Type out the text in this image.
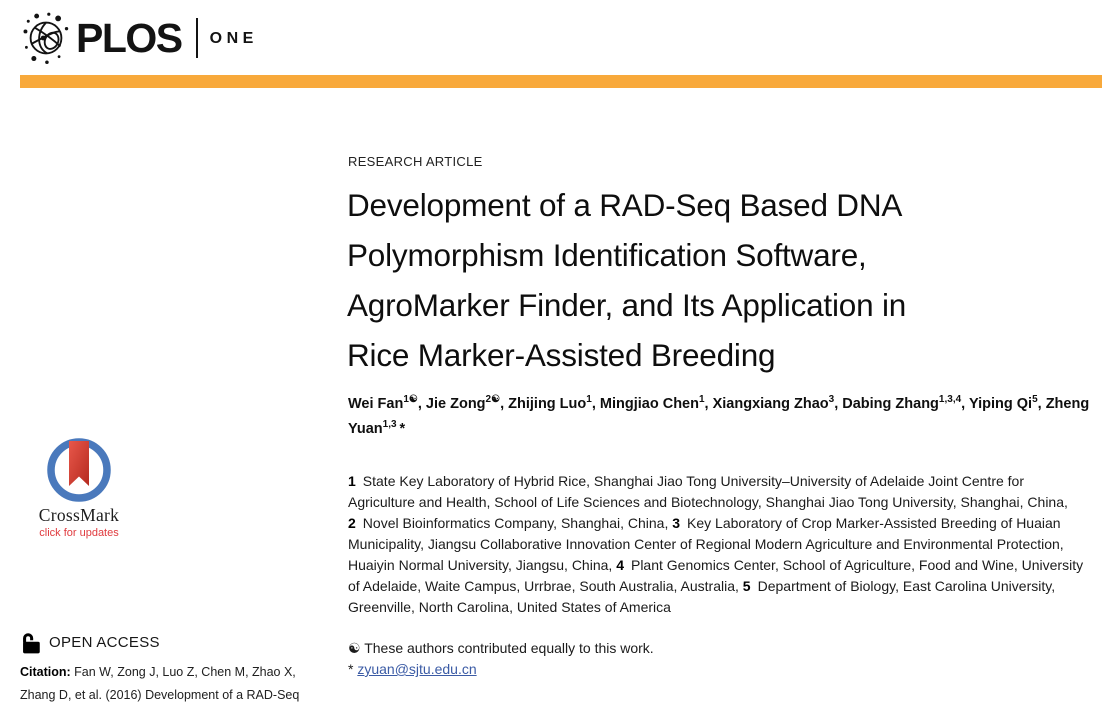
PLOS ONE
CrossMark
click for updates
OPEN ACCESS
Citation: Fan W, Zong J, Luo Z, Chen M, Zhao X, Zhang D, et al. (2016) Development of a RAD-Seq
RESEARCH ARTICLE
Development of a RAD-Seq Based DNA
Polymorphism Identification Software,
AgroMarker Finder, and Its Application in
Rice Marker-Assisted Breeding
Wei Fan$^{1☯}$, Jie Zong$^{2☯}$, Zhijing Luo$^1$, Mingjiao Chen$^1$, Xiangxiang Zhao$^3$, Dabing Zhang$^{1,3,4}$, Yiping Qi$^5$, Zheng Yuan$^{1,3}$ *

1 State Key Laboratory of Hybrid Rice, Shanghai Jiao Tong University–University of Adelaide Joint Centre for Agriculture and Health, School of Life Sciences and Biotechnology, Shanghai Jiao Tong University, Shanghai, China, 2 Novel Bioinformatics Company, Shanghai, China, 3 Key Laboratory of Crop Marker-Assisted Breeding of Huaian Municipality, Jiangsu Collaborative Innovation Center of Regional Modern Agriculture and Environmental Protection, Huaiyin Normal University, Jiangsu, China, 4 Plant Genomics Center, School of Agriculture, Food and Wine, University of Adelaide, Waite Campus, Urrbrae, South Australia, Australia, 5 Department of Biology, East Carolina University, Greenville, North Carolina, United States of America

☯ These authors contributed equally to this work.
* zyuan@sjtu.edu.cn
